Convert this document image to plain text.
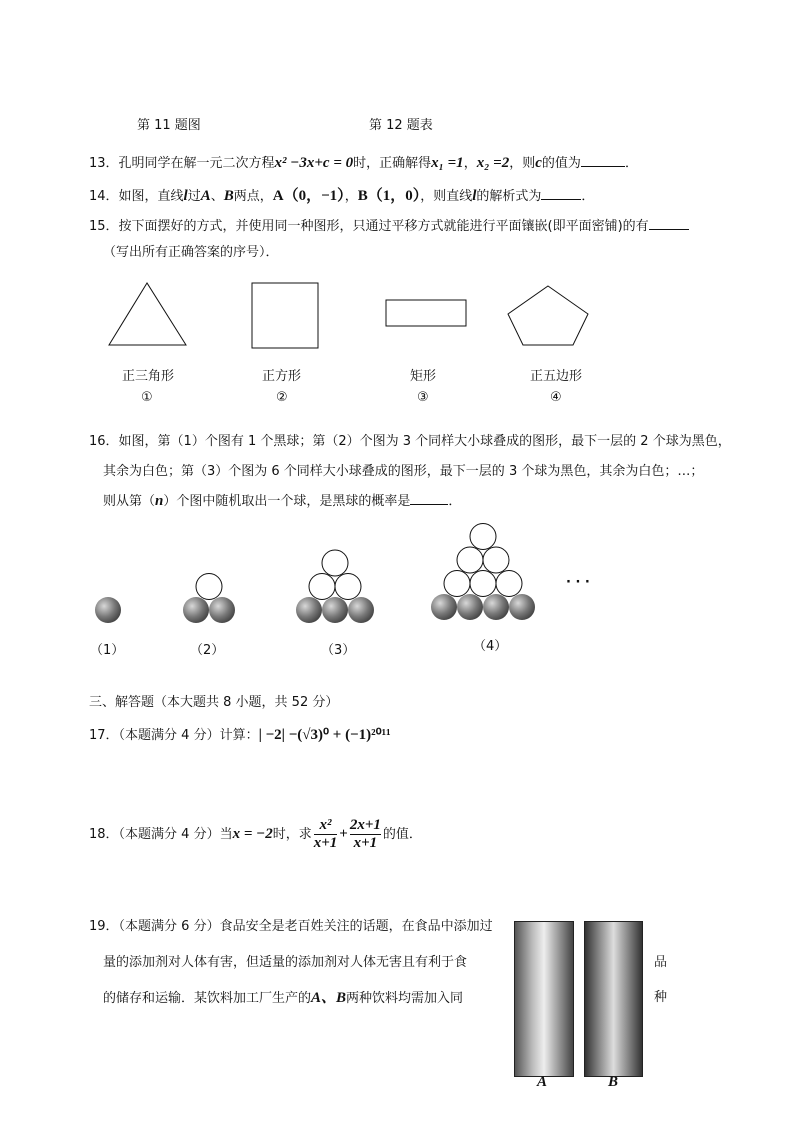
第 11 题图	第 12 题表
13．孔明同学在解一元二次方程x² −3x+c = 0时，正确解得x₁ =1，x₂ =2，则c的值为	．
14．如图，直线l过A、B两点，A（0，−1），B（1，0），则直线l的解析式为	．
15．按下面摆好的方式，并使用同一种图形，只通过平移方式就能进行平面镶嵌(即平面密铺)的有
（写出所有正确答案的序号）．
正三角形
①
正方形
②
矩形
③
正五边形
④
16．如图，第（1）个图有 1 个黑球；第（2）个图为 3 个同样大小球叠成的图形，最下一层的 2 个球为黑色，
其余为白色；第（3）个图为 6 个同样大小球叠成的图形，最下一层的 3 个球为黑色，其余为白色；…；
则从第（n）个图中随机取出一个球，是黑球的概率是	．
（1）	（2）	（3）	（4）
· · ·
三、解答题（本大题共 8 小题，共 52 分）
17．（本题满分 4 分）计算：| −2| −(√3)⁰ + (−1)²⁰¹¹
18．（本题满分 4 分）当x = −2时，求 $\frac{\text{x²}}{x+1} + \frac{2x+1}{x+1}$ 的值．
19．（本题满分 6 分）食品安全是老百姓关注的话题，在食品中添加过
量的添加剂对人体有害，但适量的添加剂对人体无害且有利于食
的储存和运输．某饮料加工厂生产的A、B两种饮料均需加入同
品
种
A	B
